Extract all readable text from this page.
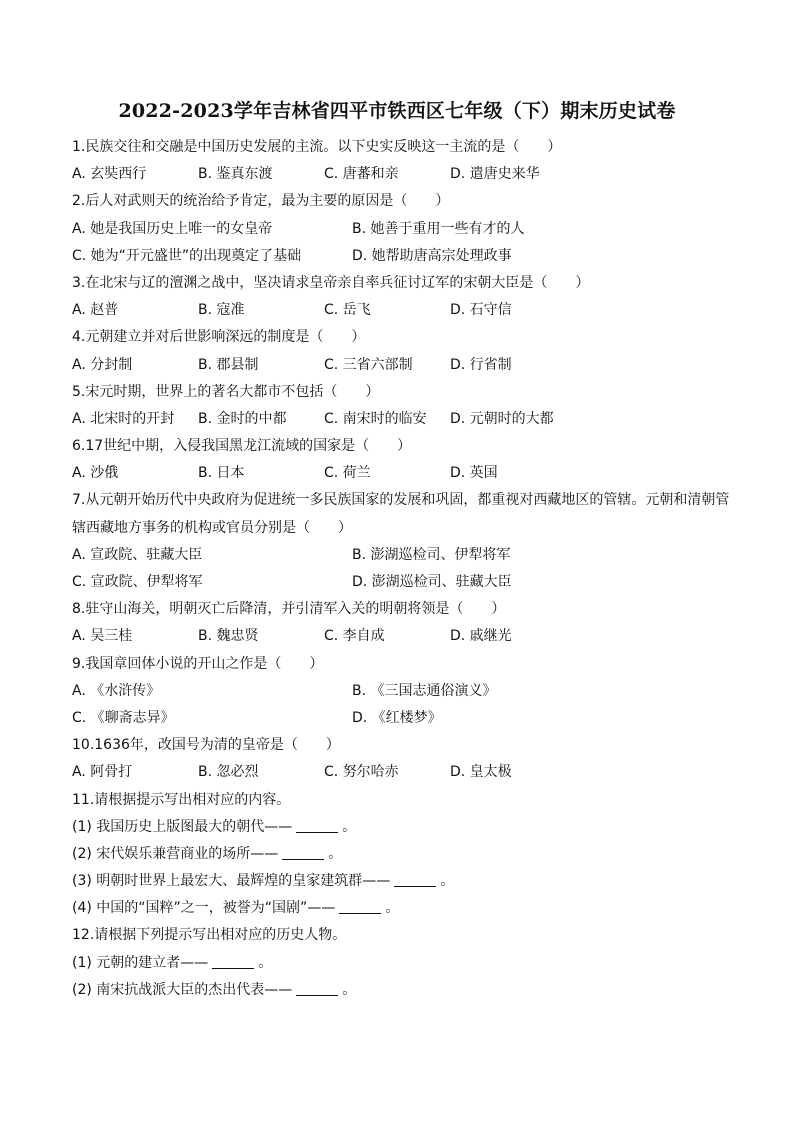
2022-2023学年吉林省四平市铁西区七年级（下）期末历史试卷
1.民族交往和交融是中国历史发展的主流。以下史实反映这一主流的是（　　）
A. 玄奘西行	B. 鉴真东渡	C. 唐蕃和亲	D. 遣唐史来华
2.后人对武则天的统治给予肯定，最为主要的原因是（　　）
A. 她是我国历史上唯一的女皇帝	B. 她善于重用一些有才的人
C. 她为“开元盛世”的出现奠定了基础	D. 她帮助唐高宗处理政事
3.在北宋与辽的澶渊之战中，坚决请求皇帝亲自率兵征讨辽军的宋朝大臣是（　　）
A. 赵普	B. 寇准	C. 岳飞	D. 石守信
4.元朝建立并对后世影响深远的制度是（　　）
A. 分封制	B. 郡县制	C. 三省六部制	D. 行省制
5.宋元时期，世界上的著名大都市不包括（　　）
A. 北宋时的开封	B. 金时的中都	C. 南宋时的临安	D. 元朝时的大都
6.17世纪中期，入侵我国黑龙江流域的国家是（　　）
A. 沙俄	B. 日本	C. 荷兰	D. 英国
7.从元朝开始历代中央政府为促进统一多民族国家的发展和巩固，都重视对西藏地区的管辖。元朝和清朝管辖西藏地方事务的机构或官员分别是（　　）
A. 宣政院、驻藏大臣	B. 澎湖巡检司、伊犁将军
C. 宣政院、伊犁将军	D. 澎湖巡检司、驻藏大臣
8.驻守山海关，明朝灭亡后降清，并引清军入关的明朝将领是（　　）
A. 吴三桂	B. 魏忠贤	C. 李自成	D. 戚继光
9.我国章回体小说的开山之作是（　　）
A. 《水浒传》	B. 《三国志通俗演义》
C. 《聊斋志异》	D. 《红楼梦》
10.1636年，改国号为清的皇帝是（　　）
A. 阿骨打	B. 忽必烈	C. 努尔哈赤	D. 皇太极
11.请根据提示写出相对应的内容。
(1) 我国历史上版图最大的朝代——	。
(2) 宋代娱乐兼营商业的场所——	。
(3) 明朝时世界上最宏大、最辉煌的皇家建筑群——	。
(4) 中国的“国粹”之一，被誉为“国剧”——	。
12.请根据下列提示写出相对应的历史人物。
(1) 元朝的建立者——	。
(2) 南宋抗战派大臣的杰出代表——	。
